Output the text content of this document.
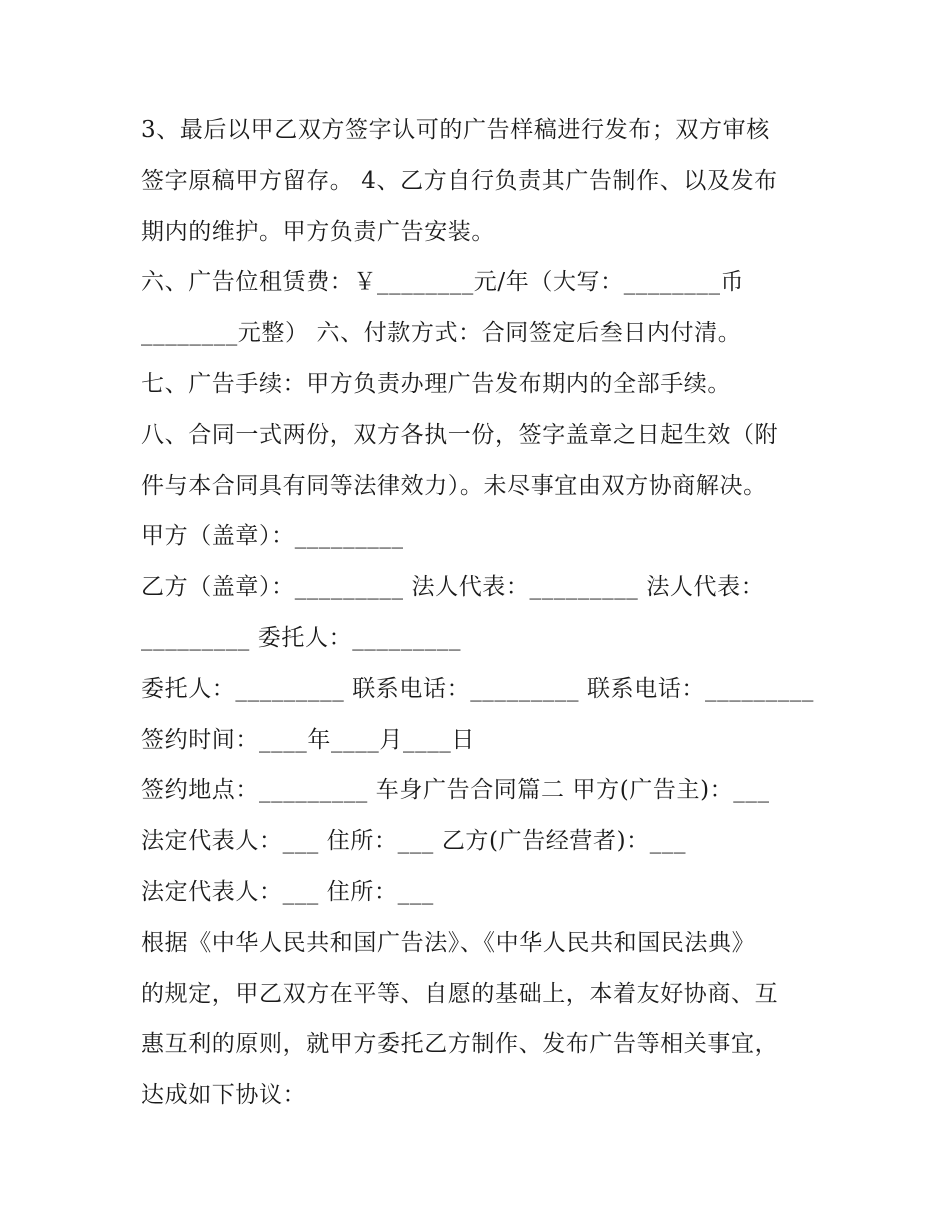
3、最后以甲乙双方签字认可的广告样稿进行发布；双方审核
签字原稿甲方留存。 4、乙方自行负责其广告制作、以及发布
期内的维护。甲方负责广告安装。
六、广告位租赁费：￥________元/年（大写：________币
________元整） 六、付款方式：合同签定后叁日内付清。
七、广告手续：甲方负责办理广告发布期内的全部手续。
八、合同一式两份，双方各执一份，签字盖章之日起生效（附
件与本合同具有同等法律效力）。未尽事宜由双方协商解决。
甲方（盖章）：_________
乙方（盖章）：_________ 法人代表：_________ 法人代表：
_________ 委托人：_________
委托人：_________ 联系电话：_________ 联系电话：_________
签约时间：____年____月____日
签约地点：_________ 车身广告合同篇二 甲方(广告主)：___
法定代表人：___ 住所：___ 乙方(广告经营者)：___
法定代表人：___ 住所：___
根据《中华人民共和国广告法》、《中华人民共和国民法典》
的规定，甲乙双方在平等、自愿的基础上，本着友好协商、互
惠互利的原则，就甲方委托乙方制作、发布广告等相关事宜，
达成如下协议：
